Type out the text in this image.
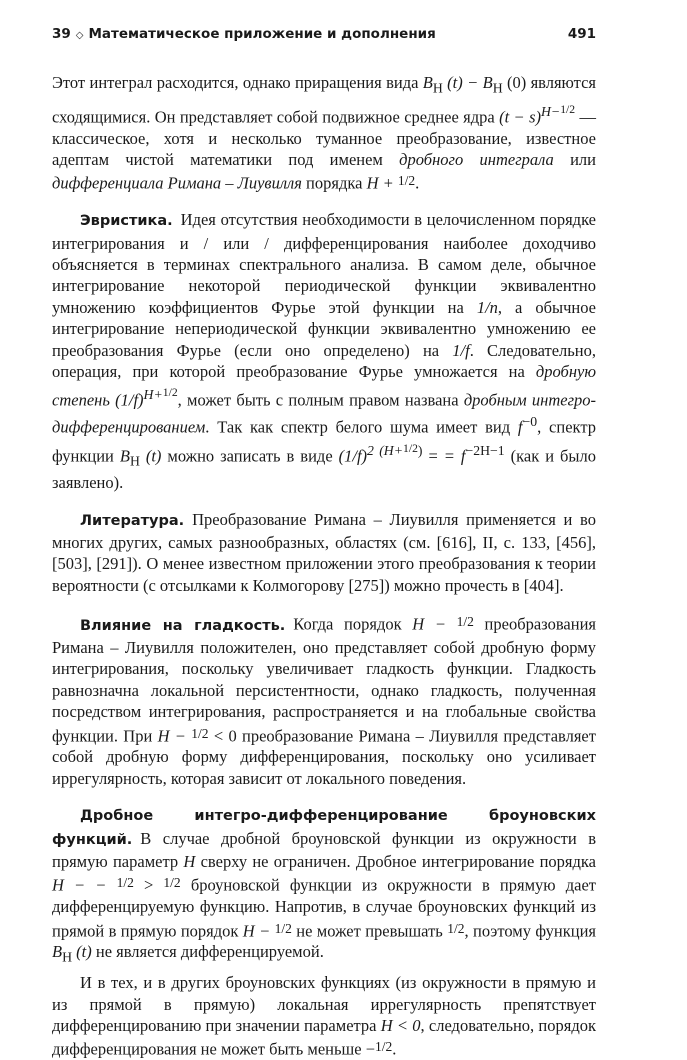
39 ◇ Математическое приложение и дополнения	491

Этот интеграл расходится, однако приращения вида $B_H$ $(t) - B_H$ (0) являются сходящимися. Он представляет собой подвижное среднее ядра $(t - s)^{H-^{1/2}}$ — классическое, хотя и несколько туманное преобразование, известное адептам чистой математики под именем дробного интеграла или дифференциала Римана – Лиувилля порядка H + $^{1/2}$.

Эвристика. Идея отсутствия необходимости в целочисленном порядке интегрирования и / или / дифференцирования наиболее доходчиво объясняется в терминах спектрального анализа. В самом деле, обычное интегрирование некоторой периодической функции эквивалентно умножению коэффициентов Фурье этой функции на 1/n, а обычное интегрирование непериодической функции эквивалентно умножению ее преобразования Фурье (если оно определено) на 1/f. Следовательно, операция, при которой преобразование Фурье умножается на дробную степень $(1/f)^{H+^{1/2}}$, может быть с полным правом названа дробным интегро-дифференцированием. Так как спектр белого шума имеет вид $f^{-0}$, спектр функции $B_H$ (t) можно записать в виде $(1/f)^{2 (H+^{1/2})}$ = = $f^{-2H-1}$ (как и было заявлено).

Литература. Преобразование Римана – Лиувилля применяется и во многих других, самых разнообразных, областях (см. [616], II, с. 133, [456], [503], [291]). О менее известном приложении этого преобразования к теории вероятности (с отсылками к Колмогорову [275]) можно прочесть в [404].

Влияние на гладкость. Когда порядок H − $^{1/2}$ преобразования Римана – Лиувилля положителен, оно представляет собой дробную форму интегрирования, поскольку увеличивает гладкость функции. Гладкость равнозначна локальной персистентности, однако гладкость, полученная посредством интегрирования, распространяется и на глобальные свойства функции. При H − $^{1/2}$ < 0 преобразование Римана – Лиувилля представляет собой дробную форму дифференцирования, поскольку оно усиливает иррегулярность, которая зависит от локального поведения.

Дробное интегро-дифференцирование броуновских функций. В случае дробной броуновской функции из окружности в прямую параметр H сверху не ограничен. Дробное интегрирование порядка H − − $^{1/2}$ > $^{1/2}$ броуновской функции из окружности в прямую дает дифференцируемую функцию. Напротив, в случае броуновских функций из прямой в прямую порядок H − $^{1/2}$ не может превышать $^{1/2}$, поэтому функция $B_H$ (t) не является дифференцируемой.

И в тех, и в других броуновских функциях (из окружности в прямую и из прямой в прямую) локальная иррегулярность препятствует дифференцированию при значении параметра H < 0, следовательно, порядок дифференцирования не может быть меньше −$^{1/2}$.
